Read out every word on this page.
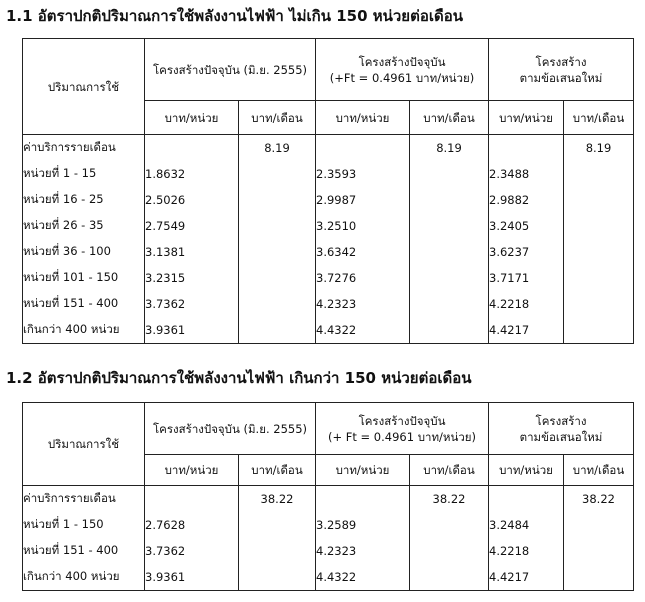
1.1 อัตราปกติปริมาณการใช้พลังงานไฟฟ้า ไม่เกิน 150 หน่วยต่อเดือน
ปริมาณการใช้	โครงสร้างปัจจุบัน (มิ.ย. 2555)		โครงสร้างปัจจุบัน
(+Ft = 0.4961 บาท/หน่วย)		โครงสร้าง
ตามข้อเสนอใหม่	

	บาท/หน่วย	บาท/เดือน	บาท/หน่วย	บาท/เดือน	บาท/หน่วย	บาท/เดือน
ค่าบริการรายเดือน		8.19		8.19		8.19
หน่วยที่ 1 - 15	1.8632		2.3593		2.3488	
หน่วยที่ 16 - 25	2.5026		2.9987		2.9882	
หน่วยที่ 26 - 35	2.7549		3.2510		3.2405	
หน่วยที่ 36 - 100	3.1381		3.6342		3.6237	
หน่วยที่ 101 - 150	3.2315		3.7276		3.7171	
หน่วยที่ 151 - 400	3.7362		4.2323		4.2218	
เกินกว่า 400 หน่วย	3.9361		4.4322		4.4217	
1.2 อัตราปกติปริมาณการใช้พลังงานไฟฟ้า เกินกว่า 150 หน่วยต่อเดือน
ปริมาณการใช้	โครงสร้างปัจจุบัน (มิ.ย. 2555)		โครงสร้างปัจจุบัน
(+ Ft = 0.4961 บาท/หน่วย)		โครงสร้าง
ตามข้อเสนอใหม่	

	บาท/หน่วย	บาท/เดือน	บาท/หน่วย	บาท/เดือน	บาท/หน่วย	บาท/เดือน
ค่าบริการรายเดือน		38.22		38.22		38.22
หน่วยที่ 1 - 150	2.7628		3.2589		3.2484	
หน่วยที่ 151 - 400	3.7362		4.2323		4.2218	
เกินกว่า 400 หน่วย	3.9361		4.4322		4.4217	
